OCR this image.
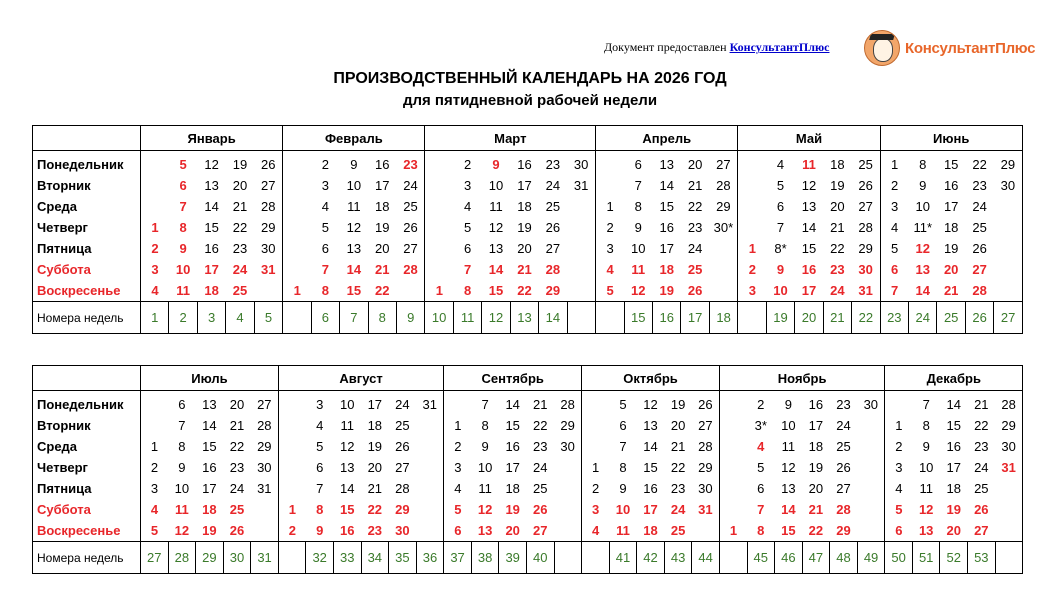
Документ предоставлен КонсультантПлюс	КонсультантПлюс
ПРОИЗВОДСТВЕННЫЙ КАЛЕНДАРЬ НА 2026 ГОД
для пятидневной рабочей недели
	Январь					Февраль					Март						Апрель					Май					Июнь				
Понедельник		5	12	19	26		2	9	16	23		2	9	16	23	30		6	13	20	27		4	11	18	25	1	8	15	22	29
Вторник		6	13	20	27		3	10	17	24		3	10	17	24	31		7	14	21	28		5	12	19	26	2	9	16	23	30
Среда		7	14	21	28		4	11	18	25		4	11	18	25		1	8	15	22	29		6	13	20	27	3	10	17	24	
Четверг	1	8	15	22	29		5	12	19	26		5	12	19	26		2	9	16	23	30*		7	14	21	28	4	11*	18	25	
Пятница	2	9	16	23	30		6	13	20	27		6	13	20	27		3	10	17	24		1	8*	15	22	29	5	12	19	26	
Суббота	3	10	17	24	31		7	14	21	28		7	14	21	28		4	11	18	25		2	9	16	23	30	6	13	20	27	
Воскресенье	4	11	18	25		1	8	15	22		1	8	15	22	29		5	12	19	26		3	10	17	24	31	7	14	21	28	
Номера недель	1	2	3	4	5		6	7	8	9	10	11	12	13	14			15	16	17	18		19	20	21	22	23	24	25	26	27
	Июль					Август						Сентябрь					Октябрь					Ноябрь						Декабрь				
Понедельник		6	13	20	27		3	10	17	24	31		7	14	21	28		5	12	19	26		2	9	16	23	30		7	14	21	28
Вторник		7	14	21	28		4	11	18	25		1	8	15	22	29		6	13	20	27		3*	10	17	24		1	8	15	22	29
Среда	1	8	15	22	29		5	12	19	26		2	9	16	23	30		7	14	21	28		4	11	18	25		2	9	16	23	30
Четверг	2	9	16	23	30		6	13	20	27		3	10	17	24		1	8	15	22	29		5	12	19	26		3	10	17	24	31
Пятница	3	10	17	24	31		7	14	21	28		4	11	18	25		2	9	16	23	30		6	13	20	27		4	11	18	25	
Суббота	4	11	18	25		1	8	15	22	29		5	12	19	26		3	10	17	24	31		7	14	21	28		5	12	19	26	
Воскресенье	5	12	19	26		2	9	16	23	30		6	13	20	27		4	11	18	25		1	8	15	22	29		6	13	20	27	
Номера недель	27	28	29	30	31		32	33	34	35	36	37	38	39	40			41	42	43	44		45	46	47	48	49	50	51	52	53	
